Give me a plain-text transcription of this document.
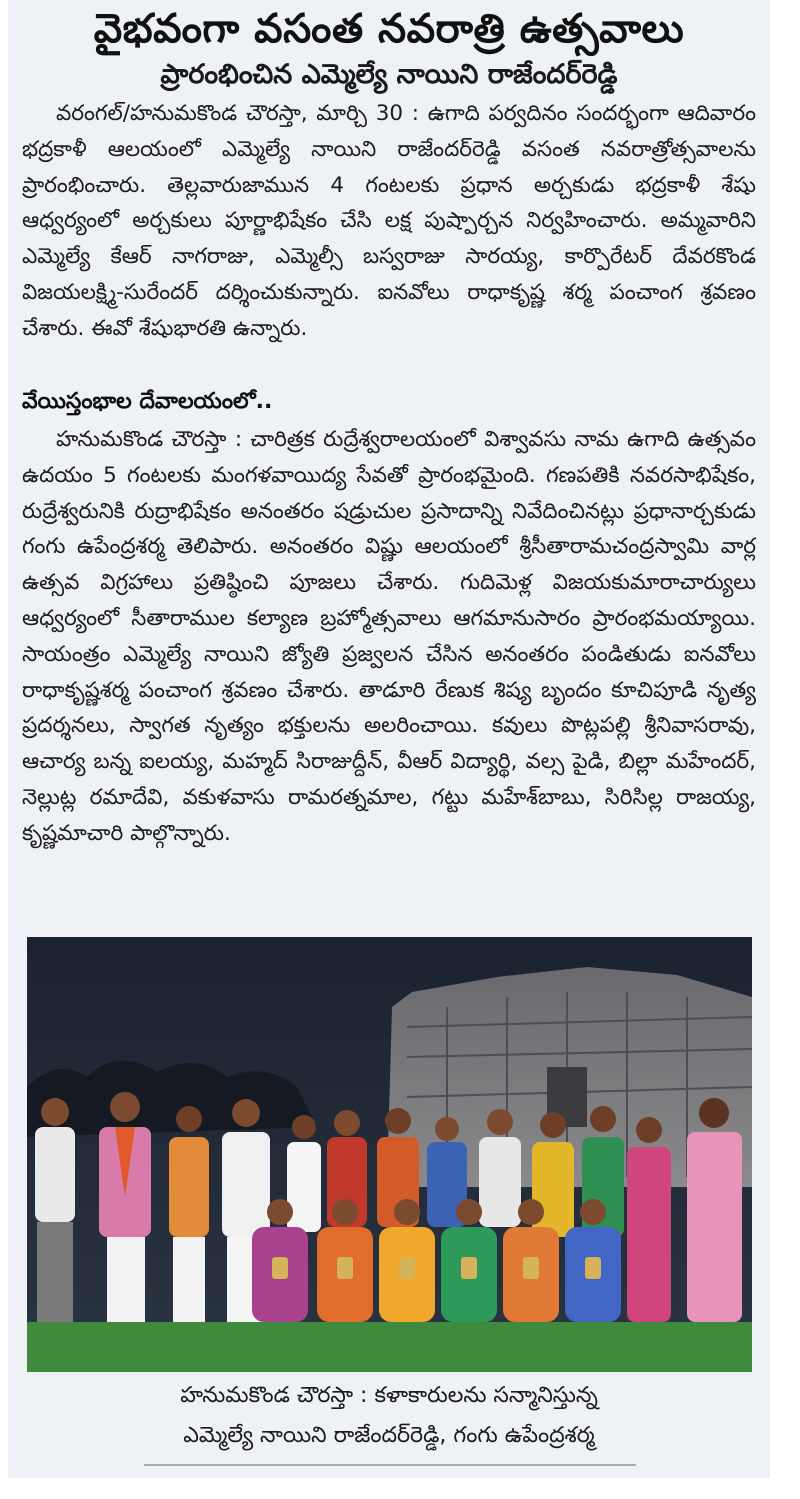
వైభవంగా వసంత నవరాత్రి ఉత్సవాలు
ప్రారంభించిన ఎమ్మెల్యే నాయిని రాజేందర్‌రెడ్డి

వరంగల్/హనుమకొండ చౌరస్తా, మార్చి 30 : ఉగాది పర్వదినం సందర్భంగా ఆదివారం భద్రకాళీ ఆలయంలో ఎమ్మెల్యే నాయిని రాజేందర్‌రెడ్డి వసంత నవరాత్రోత్సవాలను ప్రారంభించారు. తెల్లవారుజామున 4 గంటలకు ప్రధాన అర్చకుడు భద్రకాళీ శేషు ఆధ్వర్యంలో అర్చకులు పూర్ణాభిషేకం చేసి లక్ష పుష్పార్చన నిర్వహించారు. అమ్మవారిని ఎమ్మెల్యే కేఆర్ నాగరాజు, ఎమ్మెల్సీ బస్వరాజు సారయ్య, కార్పొరేటర్ దేవరకొండ విజయలక్ష్మి-సురేందర్ దర్శించుకున్నారు. ఐనవోలు రాధాకృష్ణ శర్మ పంచాంగ శ్రవణం చేశారు. ఈవో శేషుభారతి ఉన్నారు.

వేయిస్తంభాల దేవాలయంలో..

హనుమకొండ చౌరస్తా : చారిత్రక రుద్రేశ్వరాలయంలో విశ్వావసు నామ ఉగాది ఉత్సవం ఉదయం 5 గంటలకు మంగళవాయిద్య సేవతో ప్రారంభమైంది. గణపతికి నవరసాభిషేకం, రుద్రేశ్వరునికి రుద్రాభిషేకం అనంతరం షడ్రుచుల ప్రసాదాన్ని నివేదించినట్లు ప్రధానార్చకుడు గంగు ఉపేంద్రశర్మ తెలిపారు. అనంతరం విష్ణు ఆలయంలో శ్రీసీతారామచంద్రస్వామి వార్ల ఉత్సవ విగ్రహాలు ప్రతిష్ఠించి పూజలు చేశారు. గుదిమెళ్ల విజయకుమారాచార్యులు ఆధ్వర్యంలో సీతారాముల కల్యాణ బ్రహ్మోత్సవాలు ఆగమానుసారం ప్రారంభమయ్యాయి. సాయంత్రం ఎమ్మెల్యే నాయిని జ్యోతి ప్రజ్వలన చేసిన అనంతరం పండితుడు ఐనవోలు రాధాకృష్ణశర్మ పంచాంగ శ్రవణం చేశారు. తాడూరి రేణుక శిష్య బృందం కూచిపూడి నృత్య ప్రదర్శనలు, స్వాగత నృత్యం భక్తులను అలరించాయి. కవులు పొట్లపల్లి శ్రీనివాసరావు, ఆచార్య బన్న ఐలయ్య, మహ్మద్ సిరాజుద్దీన్, వీఆర్ విద్యార్థి, వల్స పైడి, బిల్లా మహేందర్, నెల్లుట్ల రమాదేవి, వకుళవాసు రామరత్నమాల, గట్టు మహేశ్‌బాబు, సిరిసిల్ల రాజయ్య, కృష్ణమాచారి పాల్గొన్నారు.

హనుమకొండ చౌరస్తా : కళాకారులను సన్మానిస్తున్న
ఎమ్మెల్యే నాయిని రాజేందర్‌రెడ్డి, గంగు ఉపేంద్రశర్మ
